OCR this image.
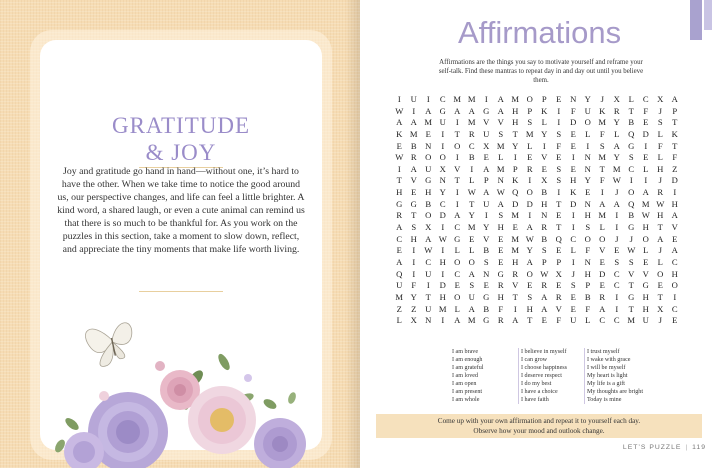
GRATITUDE
& JOY
Joy and gratitude go hand in hand—without one, it’s hard to have the other. When we take time to notice the good around us, our perspective changes, and life can feel a little brighter. A kind word, a shared laugh, or even a cute animal can remind us that there is so much to be thankful for. As you work on the puzzles in this section, take a moment to slow down, reflect, and appreciate the tiny moments that make life worth living.
Affirmations
Affirmations are the things you say to motivate yourself and reframe your self-talk. Find these mantras to repeat day in and day out until you believe them.
I	U	I	C M M	I	A M O	P	E	N Y	J	X	L	C X A
W	I	A G A A G A H	P	K	I	F	U K R	T	F	J	P
A A M U	I	M V V H	S	L	I	D O M Y B	E	S	T
K M E	I	T	R U	S	T M Y	S	E	L	F	L	Q D	L	K
E	B N	I	O C X M Y	L	I	F	E	I	S	A G	I	F	T
W R O O	I	B	E	L	I	E	V	E	I	N M Y	S	E	L	F
I	A U X V	I	A M P	R	E	S	E	N	T M C	L	H	Z
T	V G N	T	L	P	N K	I	X	S	H Y	F W	I	I	J	D
H	E	H Y	I	W A W Q O B	I	K	E	I	J	O A R	I
G G B	C	I	T	U A D D H	T	D N A A Q M W H
R	T	O D A Y	I	S M	I	N	E	I	H M	I	B W H A
A	S	X	I	C M Y H	E	A R	T	I	S	L	I	G H	T	V
C H A W G	E	V	E M W B Q C O O	J	J	O A	E
E	I	W	I	L	L	B	E M Y	S	E	L	F	V	E W L	J	A
A	I	C H O O	S	E	H A	P	P	I	N	E	S	S	E	L	C
Q	I	U	I	C A N G R O W X	J	H D C V V O H
U	F	I	D	E	S	E	R V	E	R	E	S	P	E	C	T	G	E	O
M Y	T	H O U G H	T	S	A R	E	B	R	I	G H	T	I
Z	Z	U M L	A B	F	I	H A V	E	F	A	I	T	H X C
L	X N	I	A M G R A	T	E	F	U	L	C	C M U	J	E
I am brave
I am enough
I am grateful
I am loved
I am open
I am present
I am whole
I believe in myself
I can grow
I choose happiness
I deserve respect
I do my best
I have a choice
I have faith
I trust myself
I wake with grace
I will be myself
My heart is light
My life is a gift
My thoughts are bright
Today is mine
Come up with your own affirmation and repeat it to yourself each day.
Observe how your mood and outlook change.
LET’S PUZZLE | 119
